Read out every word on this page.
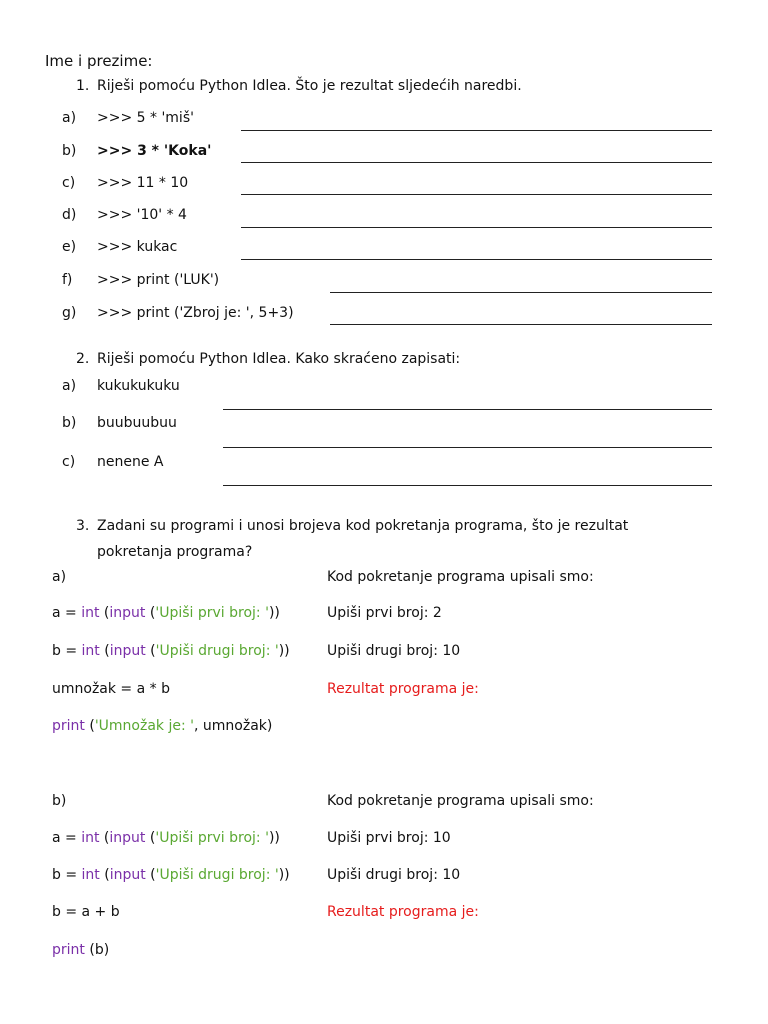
Ime i prezime:
1. Riješi pomoću Python Idlea. Što je rezultat sljedećih naredbi.
a) >>> 5 * 'miš'
b) >>> 3 * 'Koka'
c) >>> 11 * 10
d) >>> '10' * 4
e) >>> kukac
f) >>> print ('LUK')
g) >>> print ('Zbroj je: ', 5+3)
2. Riješi pomoću Python Idlea. Kako skraćeno zapisati:
a) kukukukuku
b) buubuubuu
c) nenene A
3. Zadani su programi i unosi brojeva kod pokretanja programa, što je rezultat
pokretanja programa?
a)	Kod pokretanje programa upisali smo:
a = int (input ('Upiši prvi broj: '))	Upiši prvi broj: 2
b = int (input ('Upiši drugi broj: '))	Upiši drugi broj: 10
umnožak = a * b	Rezultat programa je:
print ('Umnožak je: ', umnožak)
b)	Kod pokretanje programa upisali smo:
a = int (input ('Upiši prvi broj: '))	Upiši prvi broj: 10
b = int (input ('Upiši drugi broj: '))	Upiši drugi broj: 10
b = a + b	Rezultat programa je:
print (b)
